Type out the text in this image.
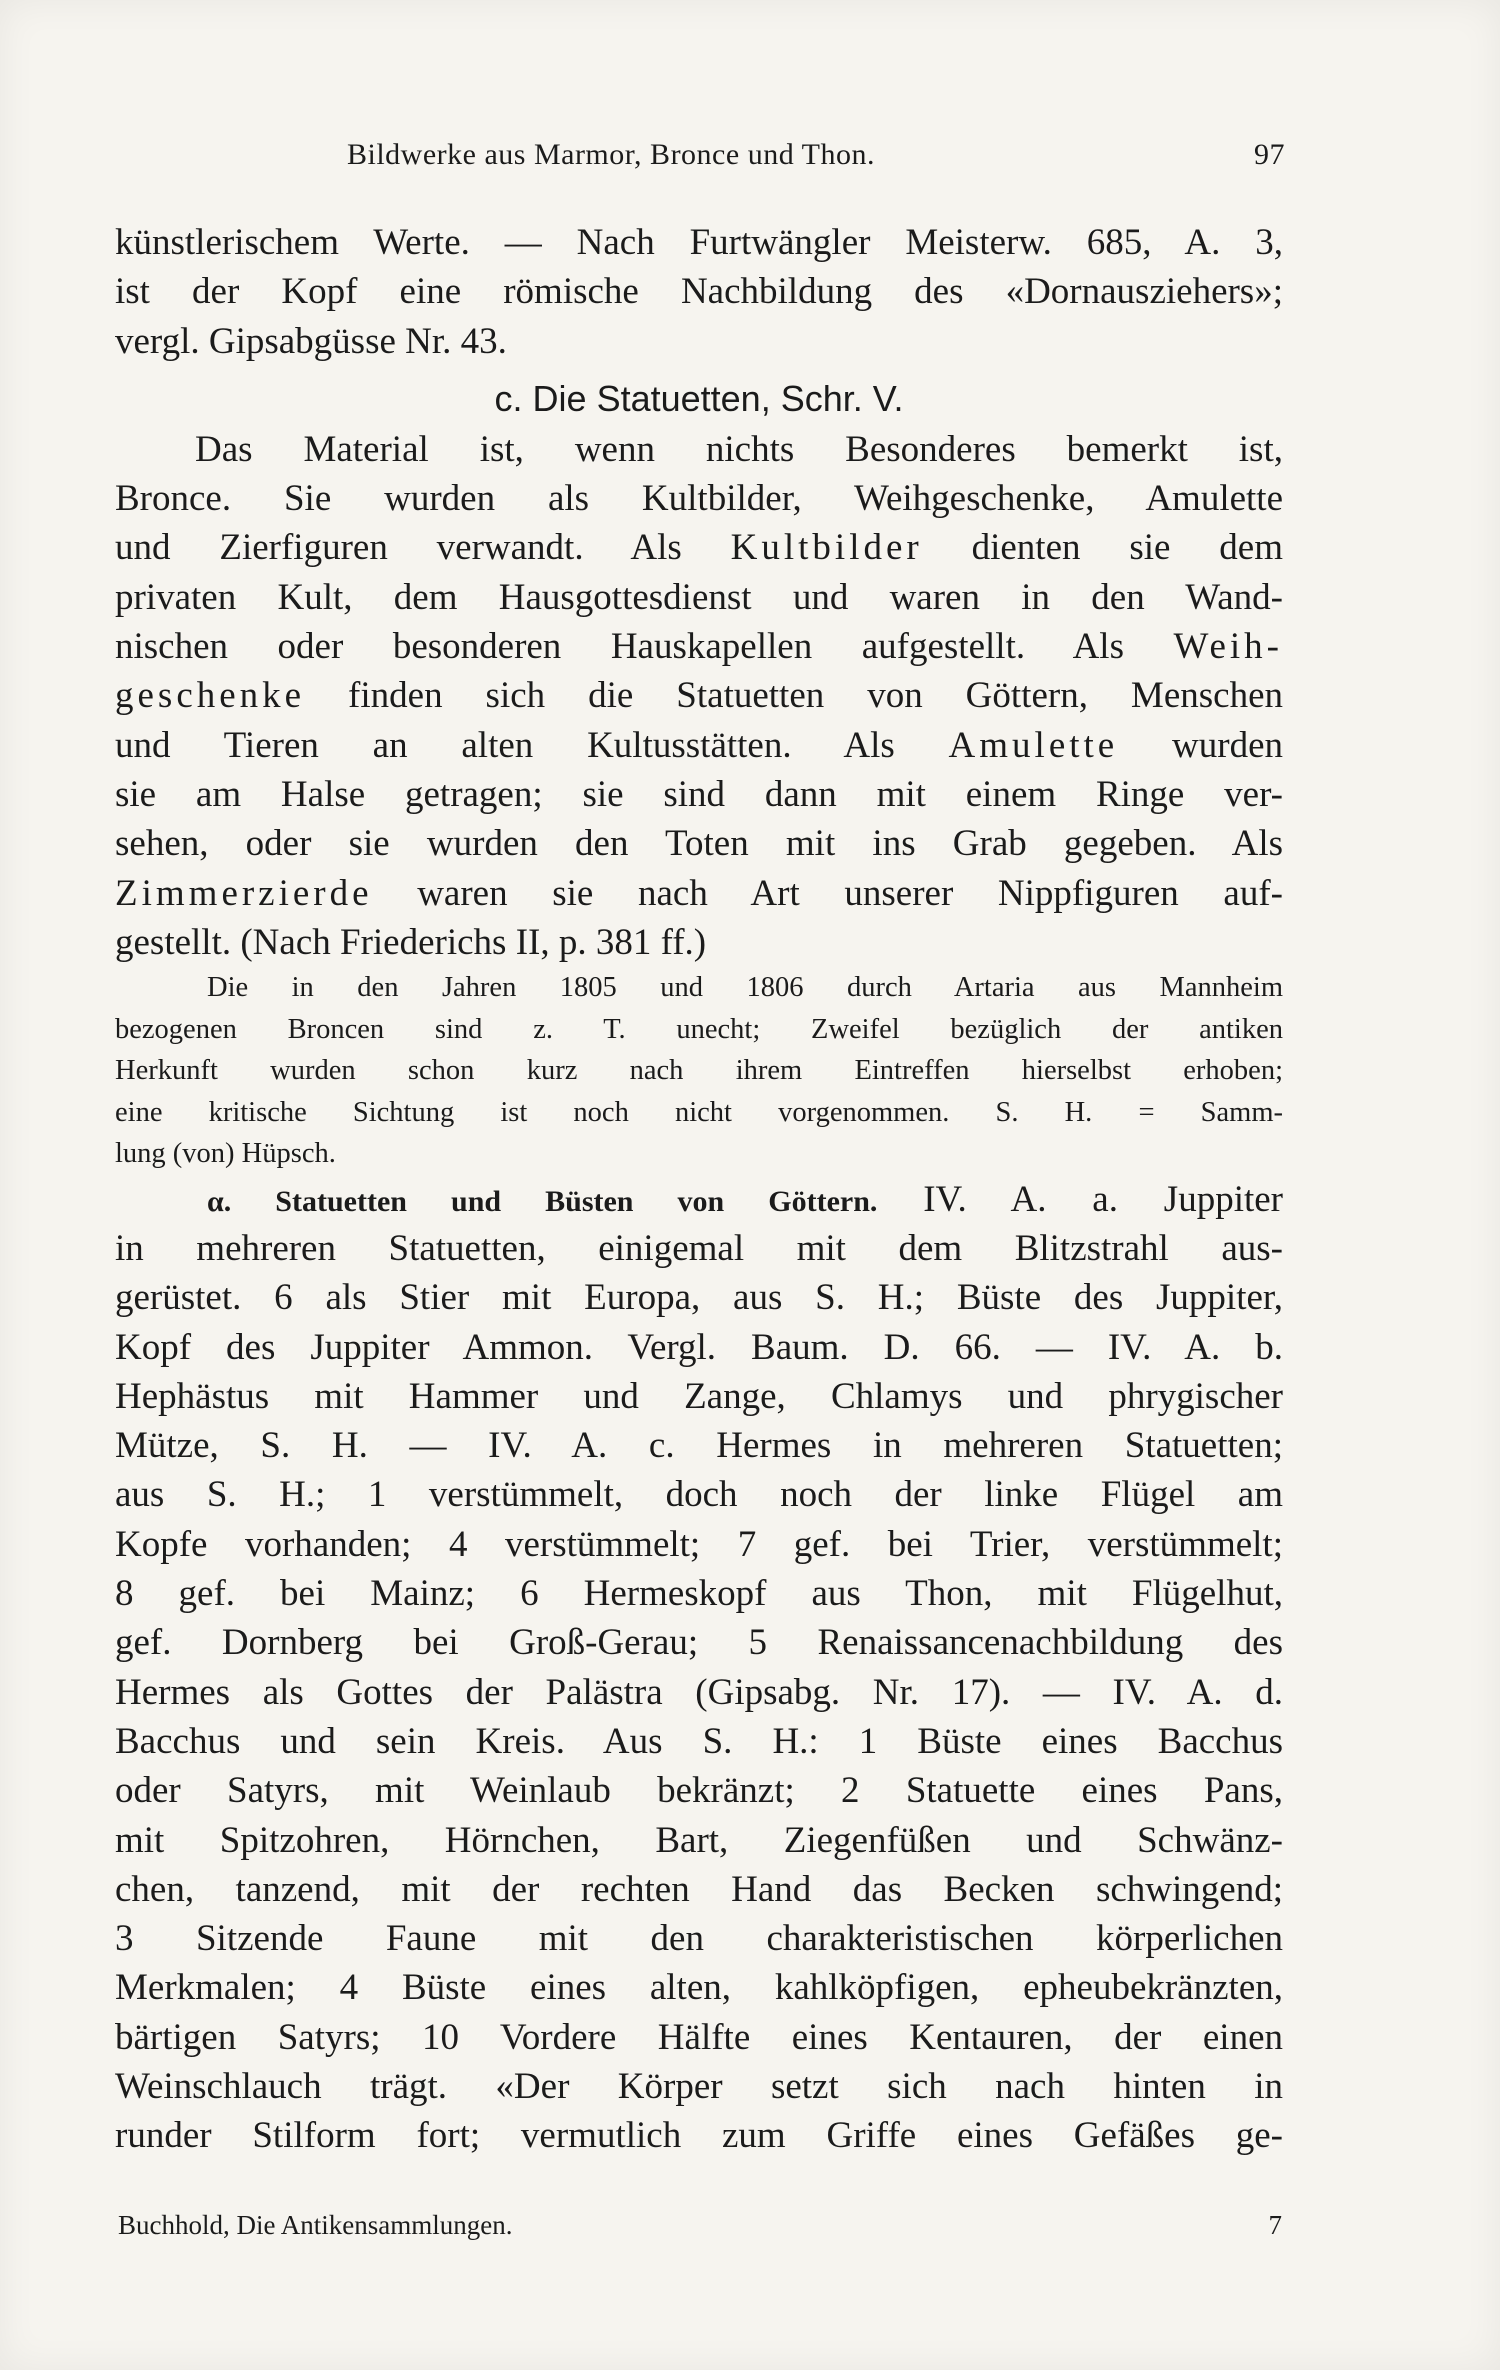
Bildwerke aus Marmor, Bronce und Thon.	97
künstlerischem Werte. — Nach Furtwängler Meisterw. 685, A. 3,
ist der Kopf eine römische Nachbildung des «Dornausziehers»;
vergl. Gipsabgüsse Nr. 43.
c. Die Statuetten, Schr. V.
Das Material ist, wenn nichts Besonderes bemerkt ist,
Bronce. Sie wurden als Kultbilder, Weihgeschenke, Amulette
und Zierfiguren verwandt. Als Kultbilder dienten sie dem
privaten Kult, dem Hausgottesdienst und waren in den Wand-
nischen oder besonderen Hauskapellen aufgestellt. Als Weih-
geschenke finden sich die Statuetten von Göttern, Menschen
und Tieren an alten Kultusstätten. Als Amulette wurden
sie am Halse getragen; sie sind dann mit einem Ringe ver-
sehen, oder sie wurden den Toten mit ins Grab gegeben. Als
Zimmerzierde waren sie nach Art unserer Nippfiguren auf-
gestellt. (Nach Friederichs II, p. 381 ff.)
Die in den Jahren 1805 und 1806 durch Artaria aus Mannheim
bezogenen Broncen sind z. T. unecht; Zweifel bezüglich der antiken
Herkunft wurden schon kurz nach ihrem Eintreffen hierselbst erhoben;
eine kritische Sichtung ist noch nicht vorgenommen. S. H. = Samm-
lung (von) Hüpsch.
α. Statuetten und Büsten von Göttern. IV. A. a. Juppiter
in mehreren Statuetten, einigemal mit dem Blitzstrahl aus-
gerüstet. 6 als Stier mit Europa, aus S. H.; Büste des Juppiter,
Kopf des Juppiter Ammon. Vergl. Baum. D. 66. — IV. A. b.
Hephästus mit Hammer und Zange, Chlamys und phrygischer
Mütze, S. H. — IV. A. c. Hermes in mehreren Statuetten;
aus S. H.; 1 verstümmelt, doch noch der linke Flügel am
Kopfe vorhanden; 4 verstümmelt; 7 gef. bei Trier, verstümmelt;
8 gef. bei Mainz; 6 Hermeskopf aus Thon, mit Flügelhut,
gef. Dornberg bei Groß-Gerau; 5 Renaissancenachbildung des
Hermes als Gottes der Palästra (Gipsabg. Nr. 17). — IV. A. d.
Bacchus und sein Kreis. Aus S. H.: 1 Büste eines Bacchus
oder Satyrs, mit Weinlaub bekränzt; 2 Statuette eines Pans,
mit Spitzohren, Hörnchen, Bart, Ziegenfüßen und Schwänz-
chen, tanzend, mit der rechten Hand das Becken schwingend;
3 Sitzende Faune mit den charakteristischen körperlichen
Merkmalen; 4 Büste eines alten, kahlköpfigen, epheubekränzten,
bärtigen Satyrs; 10 Vordere Hälfte eines Kentauren, der einen
Weinschlauch trägt. «Der Körper setzt sich nach hinten in
runder Stilform fort; vermutlich zum Griffe eines Gefäßes ge-
Buchhold, Die Antikensammlungen.	7
